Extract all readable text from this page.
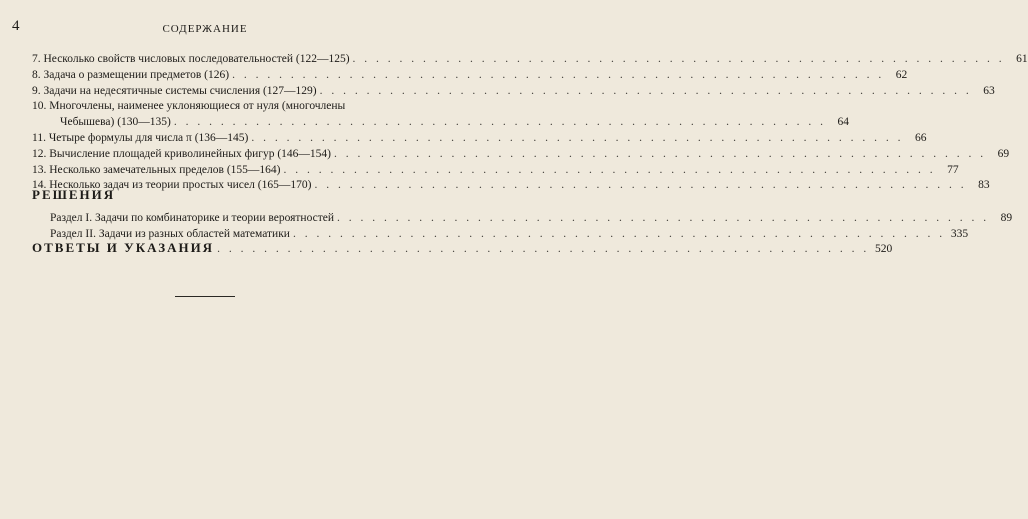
4	СОДЕРЖАНИЕ
7. Несколько свойств числовых последовательностей (122—125) . . . . . . . . . . . . . . . . . . . . . . . . . . . . . . . . . . . . . . . . . . . . . . . . . . . . . . . .	61
8. Задача о размещении предметов (126) . . . . . . . . . . . . . . . . . . . . . . . . . . . . . . . . . . . . . . . . . . . . . . . . . . . . . . . .	62
9. Задачи на недесятичные системы счисления (127—129) . . . . . . . . . . . . . . . . . . . . . . . . . . . . . . . . . . . . . . . . . . . . . . . . . . . . . . . .	63
10. Многочлены, наименее уклоняющиеся от нуля (многочлены
Чебышева) (130—135) . . . . . . . . . . . . . . . . . . . . . . . . . . . . . . . . . . . . . . . . . . . . . . . . . . . . . . . .	64
11. Четыре формулы для числа π (136—145) . . . . . . . . . . . . . . . . . . . . . . . . . . . . . . . . . . . . . . . . . . . . . . . . . . . . . . . .	66
12. Вычисление площадей криволинейных фигур (146—154) . . . . . . . . . . . . . . . . . . . . . . . . . . . . . . . . . . . . . . . . . . . . . . . . . . . . . . . .	69
13. Несколько замечательных пределов (155—164) . . . . . . . . . . . . . . . . . . . . . . . . . . . . . . . . . . . . . . . . . . . . . . . . . . . . . . . .	77
14. Несколько задач из теории простых чисел (165—170) . . . . . . . . . . . . . . . . . . . . . . . . . . . . . . . . . . . . . . . . . . . . . . . . . . . . . . . .	83
РЕШЕНИЯ
Раздел I. Задачи по комбинаторике и теории вероятностей . . . . . . . . . . . . . . . . . . . . . . . . . . . . . . . . . . . . . . . . . . . . . . . . . . . . . . . .	89
Раздел II. Задачи из разных областей математики . . . . . . . . . . . . . . . . . . . . . . . . . . . . . . . . . . . . . . . . . . . . . . . . . . . . . . . . 335
ОТВЕТЫ И УКАЗАНИЯ . . . . . . . . . . . . . . . . . . . . . . . . . . . . . . . . . . . . . . . . . . . . . . . . . . . . . . . . 520
